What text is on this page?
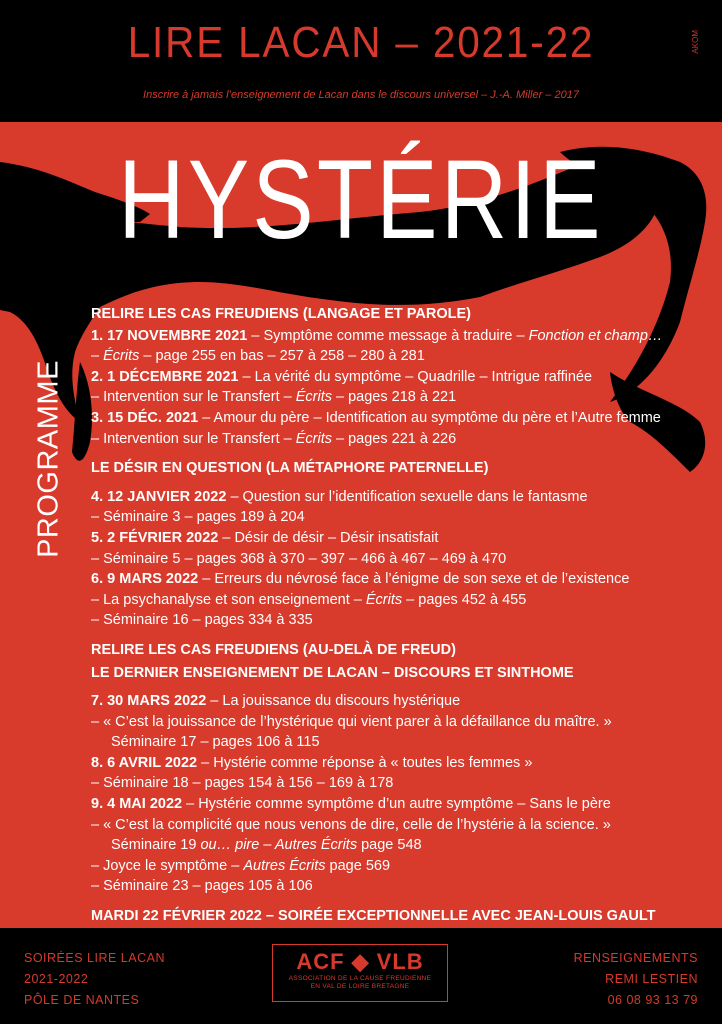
LIRE LACAN – 2021-22
Inscrire à jamais l’enseignement de Lacan dans le discours universel – J.-A. Miller – 2017
AKOM
HYSTÉRIE
PROGRAMME
RELIRE LES CAS FREUDIENS (LANGAGE ET PAROLE)
1. 17 NOVEMBRE 2021 – Symptôme comme message à traduire – Fonction et champ…
– Écrits – page 255 en bas – 257 à 258 – 280 à 281
2. 1 DÉCEMBRE 2021 – La vérité du symptôme – Quadrille – Intrigue raffinée
– Intervention sur le Transfert – Écrits – pages 218 à 221
3. 15 DÉC. 2021 – Amour du père – Identification au symptôme du père et l’Autre femme
– Intervention sur le Transfert – Écrits – pages 221 à 226
LE DÉSIR EN QUESTION (LA MÉTAPHORE PATERNELLE)
4. 12 JANVIER 2022 – Question sur l’identification sexuelle dans le fantasme
– Séminaire 3 – pages 189 à 204
5. 2 FÉVRIER 2022 – Désir de désir – Désir insatisfait
– Séminaire 5 – pages 368 à 370 – 397 – 466 à 467 – 469 à 470
6. 9 MARS 2022 – Erreurs du névrosé face à l’énigme de son sexe et de l’existence
– La psychanalyse et son enseignement – Écrits – pages 452 à 455
– Séminaire 16 – pages 334 à 335
RELIRE LES CAS FREUDIENS (AU-DELÀ DE FREUD)
LE DERNIER ENSEIGNEMENT DE LACAN – DISCOURS ET SINTHOME
7. 30 MARS 2022 – La jouissance du discours hystérique
– « C’est la jouissance de l’hystérique qui vient parer à la défaillance du maître. »
Séminaire 17 – pages 106 à 115
8. 6 AVRIL 2022 – Hystérie comme réponse à « toutes les femmes »
– Séminaire 18 – pages 154 à 156 – 169 à 178
9. 4 MAI 2022 – Hystérie comme symptôme d’un autre symptôme – Sans le père
– « C’est la complicité que nous venons de dire, celle de l’hystérie à la science. »
Séminaire 19 ou… pire – Autres Écrits page 548
– Joyce le symptôme – Autres Écrits page 569
– Séminaire 23 – pages 105 à 106
MARDI 22 FÉVRIER 2022 – SOIRÉE EXCEPTIONNELLE AVEC JEAN-LOUIS GAULT
SOIRÉES LIRE LACAN
2021-2022
PÔLE DE NANTES
ACF ◆ VLB
ASSOCIATION DE LA CAUSE FREUDIENNE
EN VAL DE LOIRE BRETAGNE
RENSEIGNEMENTS
REMI LESTIEN
06 08 93 13 79
